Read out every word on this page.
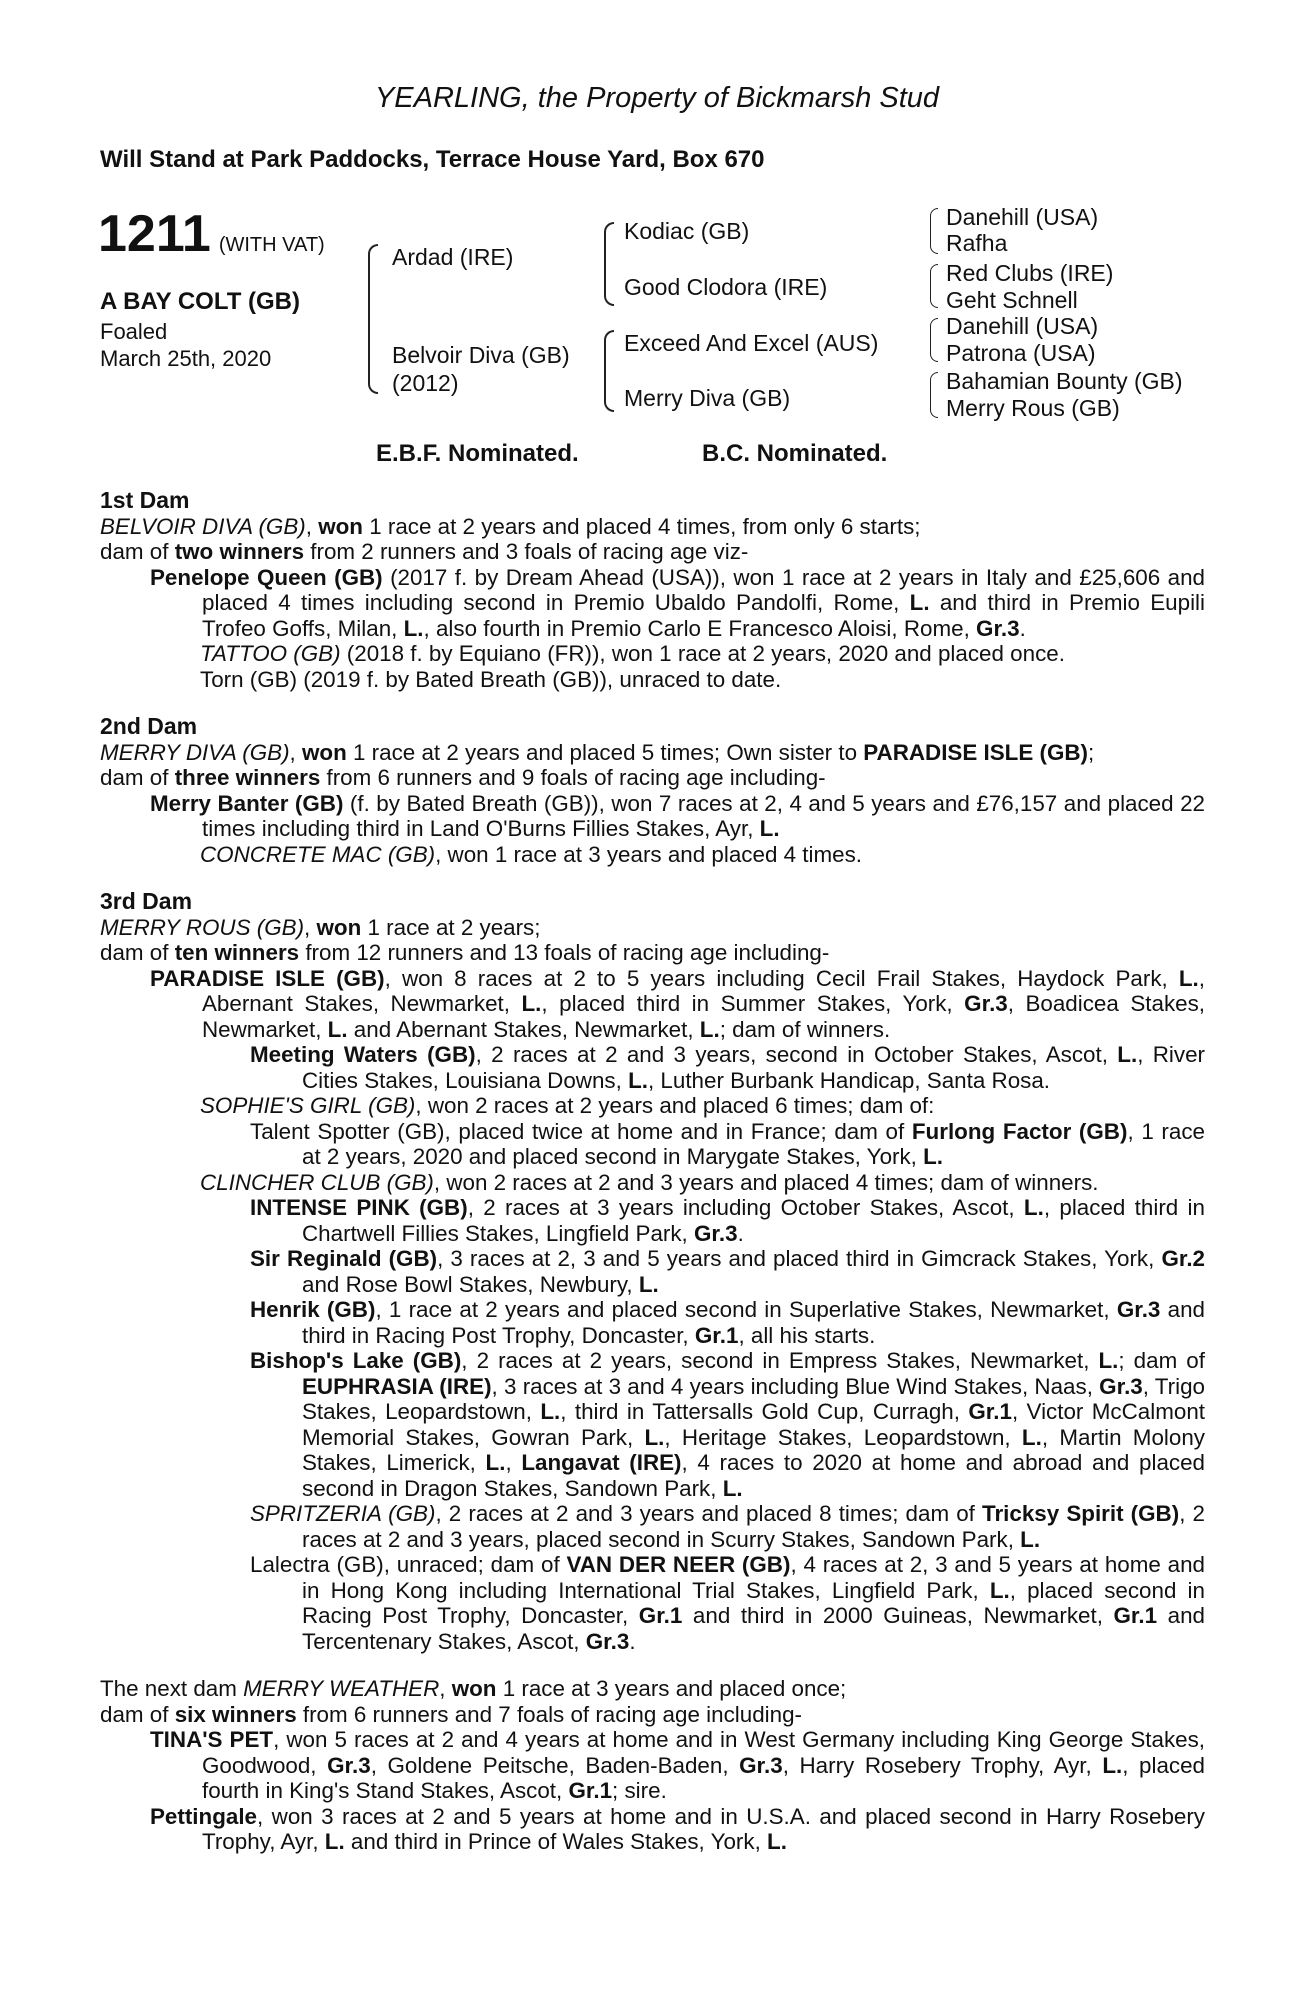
YEARLING, the Property of Bickmarsh Stud
Will Stand at Park Paddocks, Terrace House Yard, Box 670
1211 (WITH VAT)
A BAY COLT (GB)
Foaled
March 25th, 2020
Ardad (IRE)
Belvoir Diva (GB)
(2012)
Kodiac (GB)
Merry Diva (GB)
Good Clodora (IRE)
Exceed And Excel (AUS)
Danehill (USA)
Rafha
Red Clubs (IRE)
Geht Schnell
Danehill (USA)
Patrona (USA)
Bahamian Bounty (GB)
Merry Rous (GB)
E.B.F. Nominated.	B.C. Nominated.
1st Dam
BELVOIR DIVA (GB), won 1 race at 2 years and placed 4 times, from only 6 starts;
dam of two winners from 2 runners and 3 foals of racing age viz-
Penelope Queen (GB) (2017 f. by Dream Ahead (USA)), won 1 race at 2 years in Italy and £25,606 and placed 4 times including second in Premio Ubaldo Pandolfi, Rome, L. and third in Premio Eupili Trofeo Goffs, Milan, L., also fourth in Premio Carlo E Francesco Aloisi, Rome, Gr.3.
TATTOO (GB) (2018 f. by Equiano (FR)), won 1 race at 2 years, 2020 and placed once.
Torn (GB) (2019 f. by Bated Breath (GB)), unraced to date.
2nd Dam
MERRY DIVA (GB), won 1 race at 2 years and placed 5 times; Own sister to PARADISE ISLE (GB);
dam of three winners from 6 runners and 9 foals of racing age including-
Merry Banter (GB) (f. by Bated Breath (GB)), won 7 races at 2, 4 and 5 years and £76,157 and placed 22 times including third in Land O'Burns Fillies Stakes, Ayr, L.
CONCRETE MAC (GB), won 1 race at 3 years and placed 4 times.
3rd Dam
MERRY ROUS (GB), won 1 race at 2 years;
dam of ten winners from 12 runners and 13 foals of racing age including-
PARADISE ISLE (GB), won 8 races at 2 to 5 years including Cecil Frail Stakes, Haydock Park, L., Abernant Stakes, Newmarket, L., placed third in Summer Stakes, York, Gr.3, Boadicea Stakes, Newmarket, L. and Abernant Stakes, Newmarket, L.; dam of winners.
Meeting Waters (GB), 2 races at 2 and 3 years, second in October Stakes, Ascot, L., River Cities Stakes, Louisiana Downs, L., Luther Burbank Handicap, Santa Rosa.
SOPHIE'S GIRL (GB), won 2 races at 2 years and placed 6 times; dam of:
Talent Spotter (GB), placed twice at home and in France; dam of Furlong Factor (GB), 1 race at 2 years, 2020 and placed second in Marygate Stakes, York, L.
CLINCHER CLUB (GB), won 2 races at 2 and 3 years and placed 4 times; dam of winners.
INTENSE PINK (GB), 2 races at 3 years including October Stakes, Ascot, L., placed third in Chartwell Fillies Stakes, Lingfield Park, Gr.3.
Sir Reginald (GB), 3 races at 2, 3 and 5 years and placed third in Gimcrack Stakes, York, Gr.2 and Rose Bowl Stakes, Newbury, L.
Henrik (GB), 1 race at 2 years and placed second in Superlative Stakes, Newmarket, Gr.3 and third in Racing Post Trophy, Doncaster, Gr.1, all his starts.
Bishop's Lake (GB), 2 races at 2 years, second in Empress Stakes, Newmarket, L.; dam of EUPHRASIA (IRE), 3 races at 3 and 4 years including Blue Wind Stakes, Naas, Gr.3, Trigo Stakes, Leopardstown, L., third in Tattersalls Gold Cup, Curragh, Gr.1, Victor McCalmont Memorial Stakes, Gowran Park, L., Heritage Stakes, Leopardstown, L., Martin Molony Stakes, Limerick, L., Langavat (IRE), 4 races to 2020 at home and abroad and placed second in Dragon Stakes, Sandown Park, L.
SPRITZERIA (GB), 2 races at 2 and 3 years and placed 8 times; dam of Tricksy Spirit (GB), 2 races at 2 and 3 years, placed second in Scurry Stakes, Sandown Park, L.
Lalectra (GB), unraced; dam of VAN DER NEER (GB), 4 races at 2, 3 and 5 years at home and in Hong Kong including International Trial Stakes, Lingfield Park, L., placed second in Racing Post Trophy, Doncaster, Gr.1 and third in 2000 Guineas, Newmarket, Gr.1 and Tercentenary Stakes, Ascot, Gr.3.
The next dam MERRY WEATHER, won 1 race at 3 years and placed once;
dam of six winners from 6 runners and 7 foals of racing age including-
TINA'S PET, won 5 races at 2 and 4 years at home and in West Germany including King George Stakes, Goodwood, Gr.3, Goldene Peitsche, Baden-Baden, Gr.3, Harry Rosebery Trophy, Ayr, L., placed fourth in King's Stand Stakes, Ascot, Gr.1; sire.
Pettingale, won 3 races at 2 and 5 years at home and in U.S.A. and placed second in Harry Rosebery Trophy, Ayr, L. and third in Prince of Wales Stakes, York, L.
